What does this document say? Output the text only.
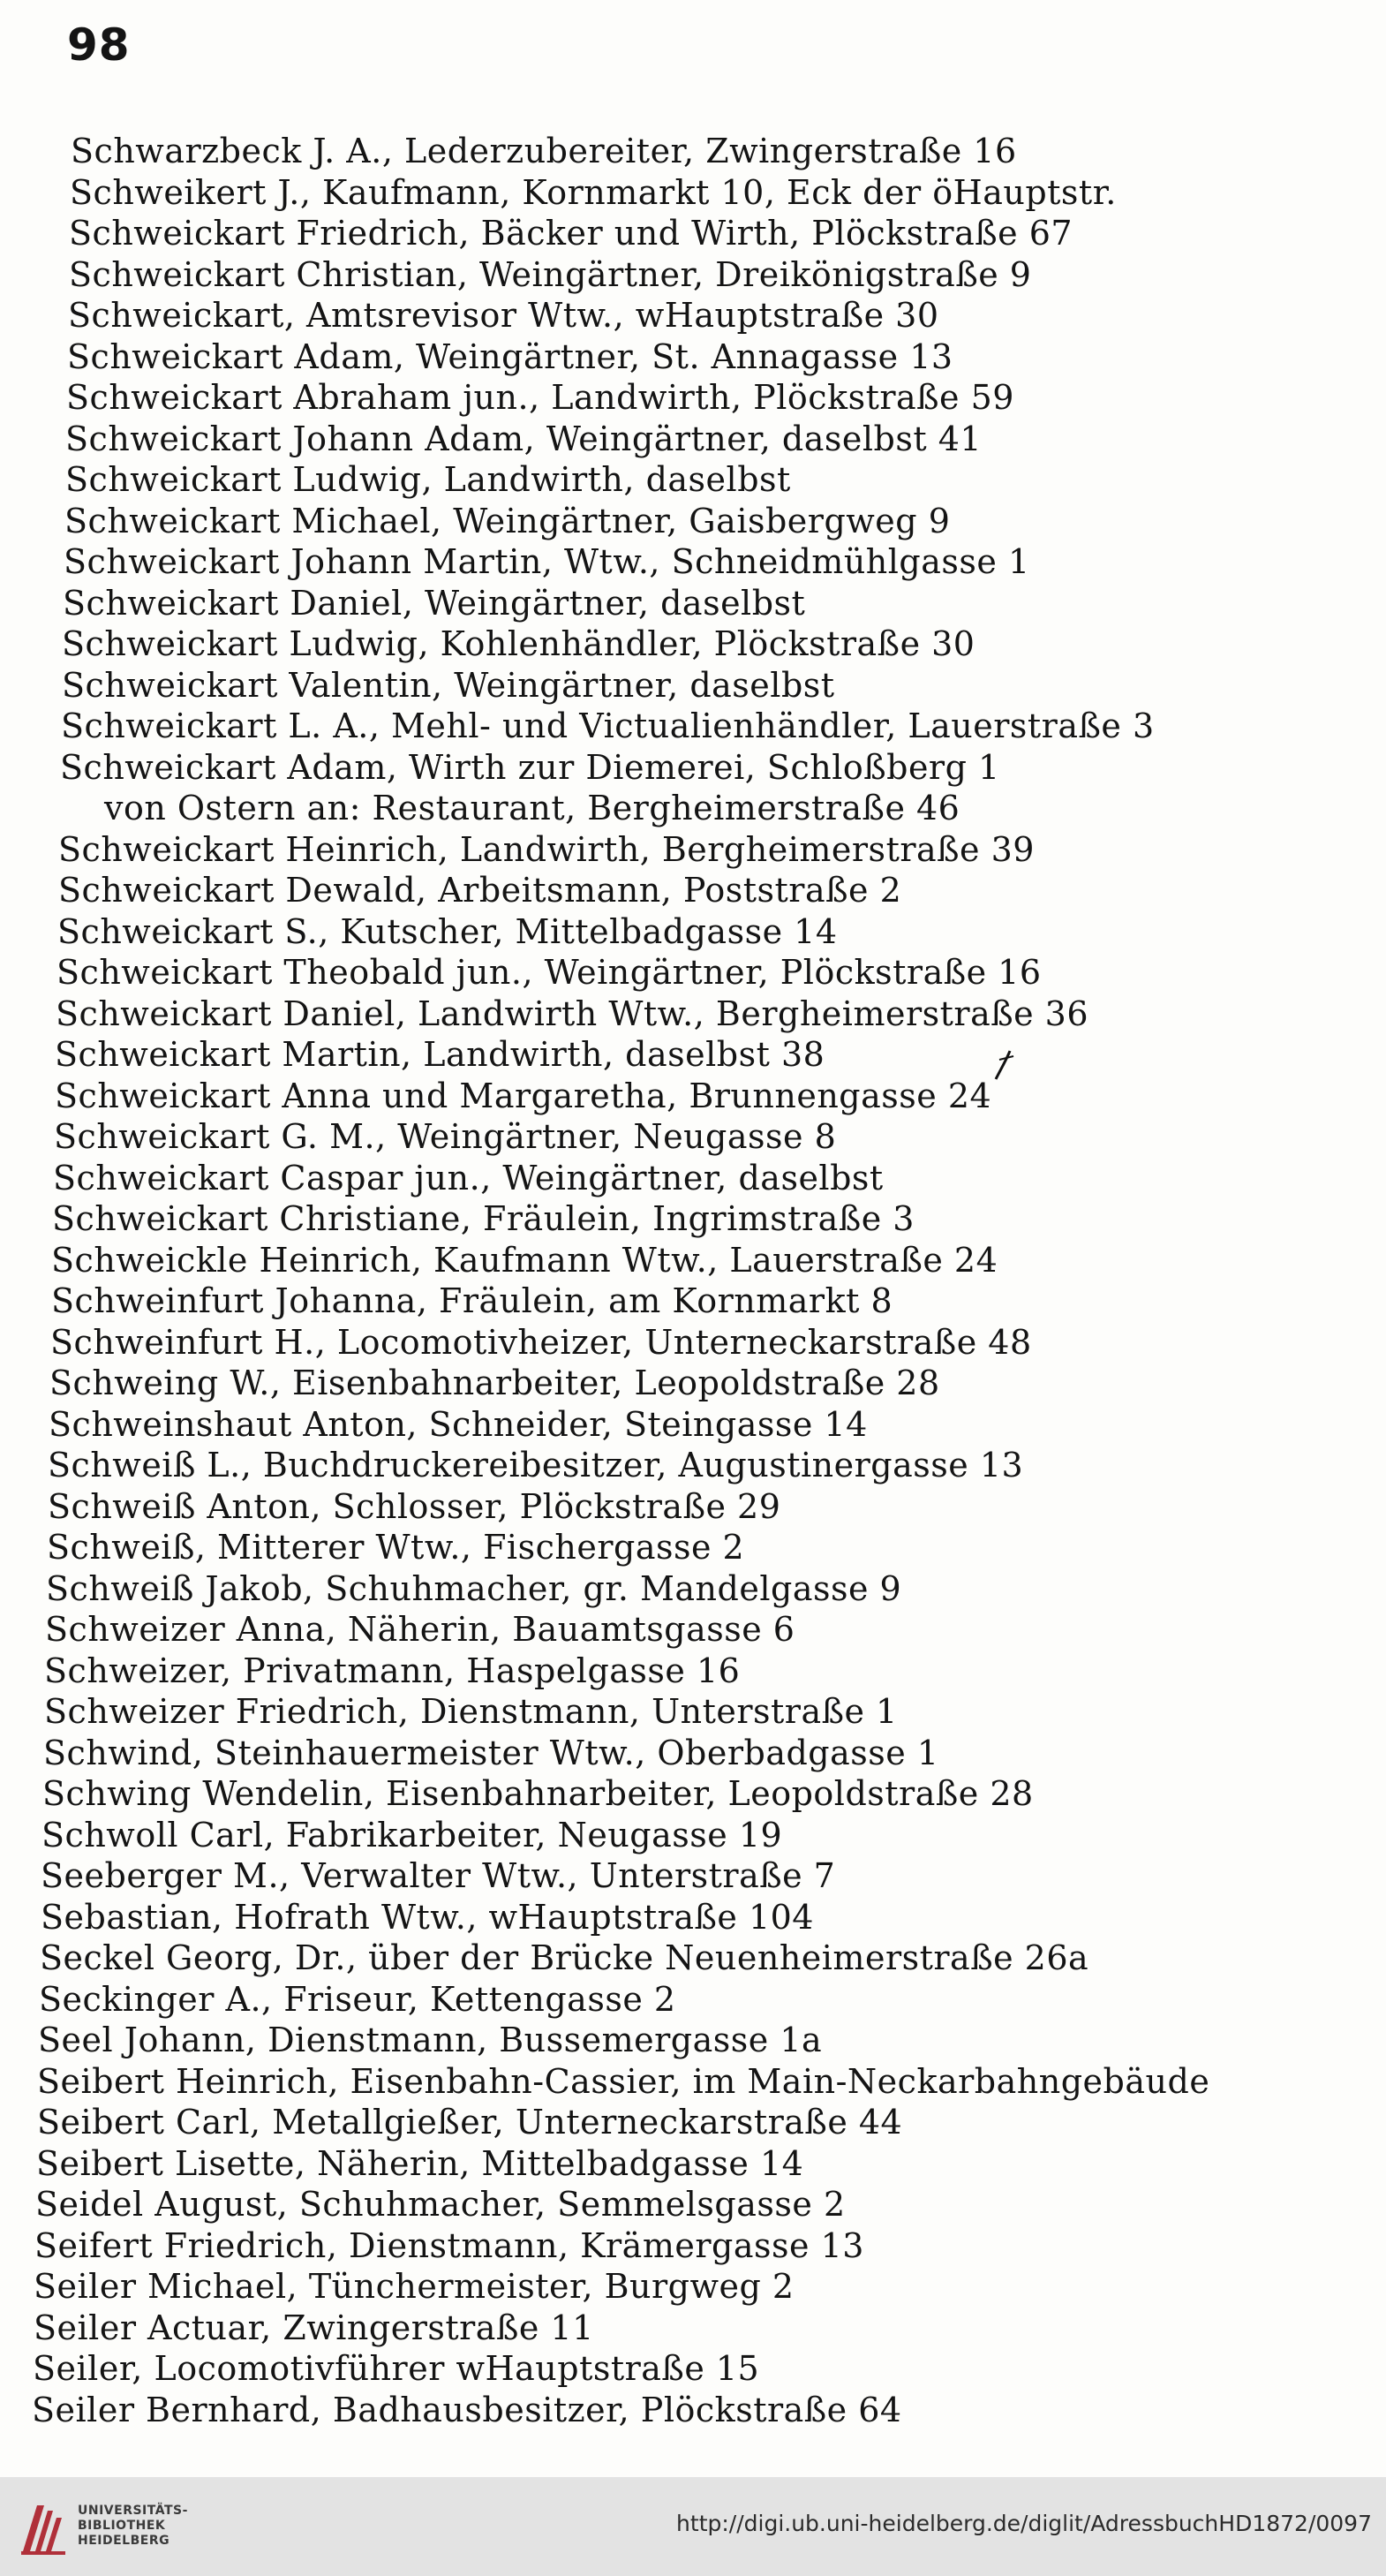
98
Schwarzbeck J. A., Lederzubereiter, Zwingerstraße 16
Schweikert J., Kaufmann, Kornmarkt 10, Eck der öHauptstr.
Schweickart Friedrich, Bäcker und Wirth, Plöckstraße 67
Schweickart Christian, Weingärtner, Dreikönigstraße 9
Schweickart, Amtsrevisor Wtw., wHauptstraße 30
Schweickart Adam, Weingärtner, St. Annagasse 13
Schweickart Abraham jun., Landwirth, Plöckstraße 59
Schweickart Johann Adam, Weingärtner, daselbst 41
Schweickart Ludwig, Landwirth, daselbst
Schweickart Michael, Weingärtner, Gaisbergweg 9
Schweickart Johann Martin, Wtw., Schneidmühlgasse 1
Schweickart Daniel, Weingärtner, daselbst
Schweickart Ludwig, Kohlenhändler, Plöckstraße 30
Schweickart Valentin, Weingärtner, daselbst
Schweickart L. A., Mehl- und Victualienhändler, Lauerstraße 3
Schweickart Adam, Wirth zur Diemerei, Schloßberg 1
von Ostern an: Restaurant, Bergheimerstraße 46
Schweickart Heinrich, Landwirth, Bergheimerstraße 39
Schweickart Dewald, Arbeitsmann, Poststraße 2
Schweickart S., Kutscher, Mittelbadgasse 14
Schweickart Theobald jun., Weingärtner, Plöckstraße 16
Schweickart Daniel, Landwirth Wtw., Bergheimerstraße 36
Schweickart Martin, Landwirth, daselbst 38
Schweickart Anna und Margaretha, Brunnengasse 24
Schweickart G. M., Weingärtner, Neugasse 8
Schweickart Caspar jun., Weingärtner, daselbst
Schweickart Christiane, Fräulein, Ingrimstraße 3
Schweickle Heinrich, Kaufmann Wtw., Lauerstraße 24
Schweinfurt Johanna, Fräulein, am Kornmarkt 8
Schweinfurt H., Locomotivheizer, Unterneckarstraße 48
Schweing W., Eisenbahnarbeiter, Leopoldstraße 28
Schweinshaut Anton, Schneider, Steingasse 14
Schweiß L., Buchdruckereibesitzer, Augustinergasse 13
Schweiß Anton, Schlosser, Plöckstraße 29
Schweiß, Mitterer Wtw., Fischergasse 2
Schweiß Jakob, Schuhmacher, gr. Mandelgasse 9
Schweizer Anna, Näherin, Bauamtsgasse 6
Schweizer, Privatmann, Haspelgasse 16
Schweizer Friedrich, Dienstmann, Unterstraße 1
Schwind, Steinhauermeister Wtw., Oberbadgasse 1
Schwing Wendelin, Eisenbahnarbeiter, Leopoldstraße 28
Schwoll Carl, Fabrikarbeiter, Neugasse 19
Seeberger M., Verwalter Wtw., Unterstraße 7
Sebastian, Hofrath Wtw., wHauptstraße 104
Seckel Georg, Dr., über der Brücke Neuenheimerstraße 26a
Seckinger A., Friseur, Kettengasse 2
Seel Johann, Dienstmann, Bussemergasse 1a
Seibert Heinrich, Eisenbahn-Cassier, im Main-Neckarbahngebäude
Seibert Carl, Metallgießer, Unterneckarstraße 44
Seibert Lisette, Näherin, Mittelbadgasse 14
Seidel August, Schuhmacher, Semmelsgasse 2
Seifert Friedrich, Dienstmann, Krämergasse 13
Seiler Michael, Tünchermeister, Burgweg 2
Seiler Actuar, Zwingerstraße 11
Seiler, Locomotivführer wHauptstraße 15
Seiler Bernhard, Badhausbesitzer, Plöckstraße 64
UNIVERSITÄTS-
BIBLIOTHEK
HEIDELBERG
http://digi.ub.uni-heidelberg.de/diglit/AdressbuchHD1872/0097
